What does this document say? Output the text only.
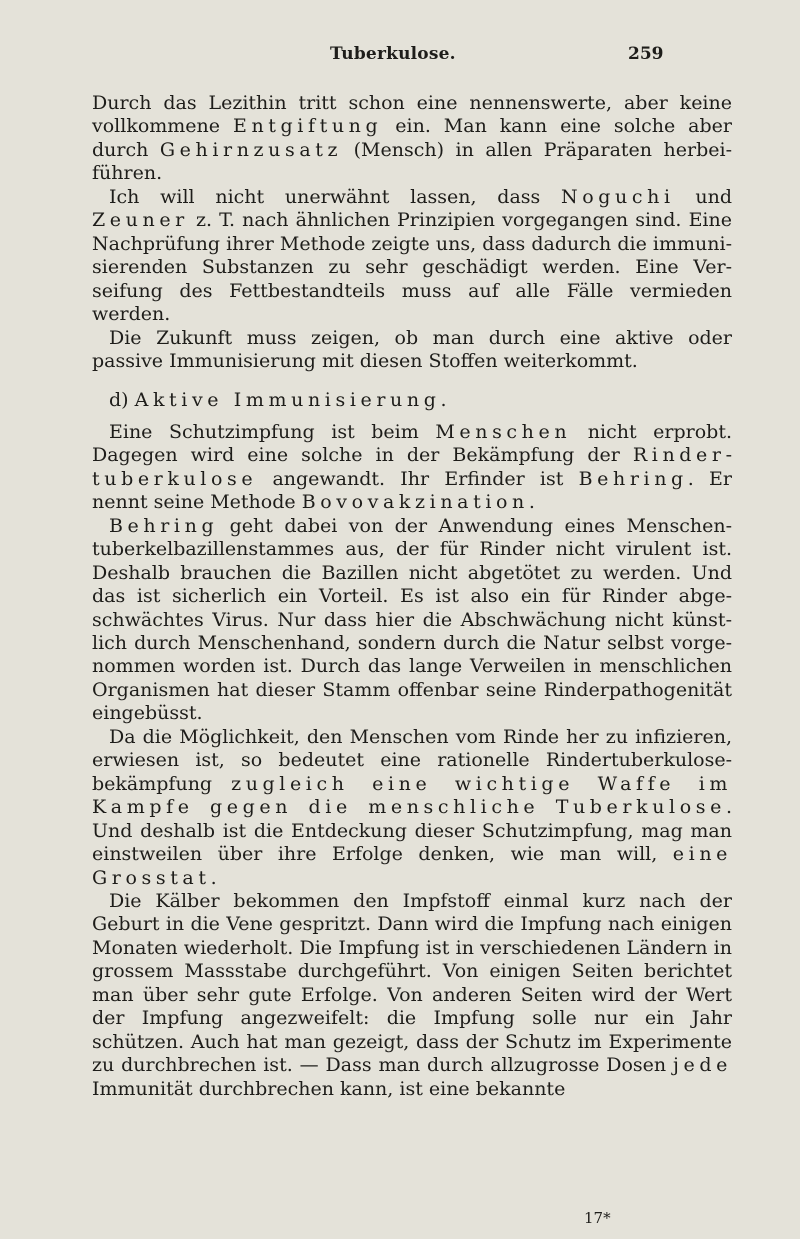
Tuberkulose.	259

Durch das Lezithin tritt schon eine nennenswerte, aber keine vollkommene Entgiftung ein. Man kann eine solche aber durch Gehirnzusatz (Mensch) in allen Präparaten herbeiführen.

Ich will nicht unerwähnt lassen, dass Noguchi und Zeuner z. T. nach ähnlichen Prinzipien vorgegangen sind. Eine Nachprüfung ihrer Methode zeigte uns, dass dadurch die immunisierenden Substanzen zu sehr geschädigt werden. Eine Verseifung des Fettbestandteils muss auf alle Fälle vermieden werden.

Die Zukunft muss zeigen, ob man durch eine aktive oder passive Immunisierung mit diesen Stoffen weiterkommt.

d) Aktive Immunisierung.

Eine Schutzimpfung ist beim Menschen nicht erprobt. Dagegen wird eine solche in der Bekämpfung der Rindertuberkulose angewandt. Ihr Erfinder ist Behring. Er nennt seine Methode Bovovakzination.

Behring geht dabei von der Anwendung eines Menschentuberkelbazillenstammes aus, der für Rinder nicht virulent ist. Deshalb brauchen die Bazillen nicht abgetötet zu werden. Und das ist sicherlich ein Vorteil. Es ist also ein für Rinder abgeschwächtes Virus. Nur dass hier die Abschwächung nicht künstlich durch Menschenhand, sondern durch die Natur selbst vorgenommen worden ist. Durch das lange Verweilen in menschlichen Organismen hat dieser Stamm offenbar seine Rinderpathogenität eingebüsst.

Da die Möglichkeit, den Menschen vom Rinde her zu infizieren, erwiesen ist, so bedeutet eine rationelle Rindertuberkulosebekämpfung zugleich eine wichtige Waffe im Kampfe gegen die menschliche Tuberkulose. Und deshalb ist die Entdeckung dieser Schutzimpfung, mag man einstweilen über ihre Erfolge denken, wie man will, eine Grosstat.

Die Kälber bekommen den Impfstoff einmal kurz nach der Geburt in die Vene gespritzt. Dann wird die Impfung nach einigen Monaten wiederholt. Die Impfung ist in verschiedenen Ländern in grossem Massstabe durchgeführt. Von einigen Seiten berichtet man über sehr gute Erfolge. Von anderen Seiten wird der Wert der Impfung angezweifelt: die Impfung solle nur ein Jahr schützen. Auch hat man gezeigt, dass der Schutz im Experimente zu durchbrechen ist. — Dass man durch allzugrosse Dosen jede Immunität durchbrechen kann, ist eine bekannte

17*
